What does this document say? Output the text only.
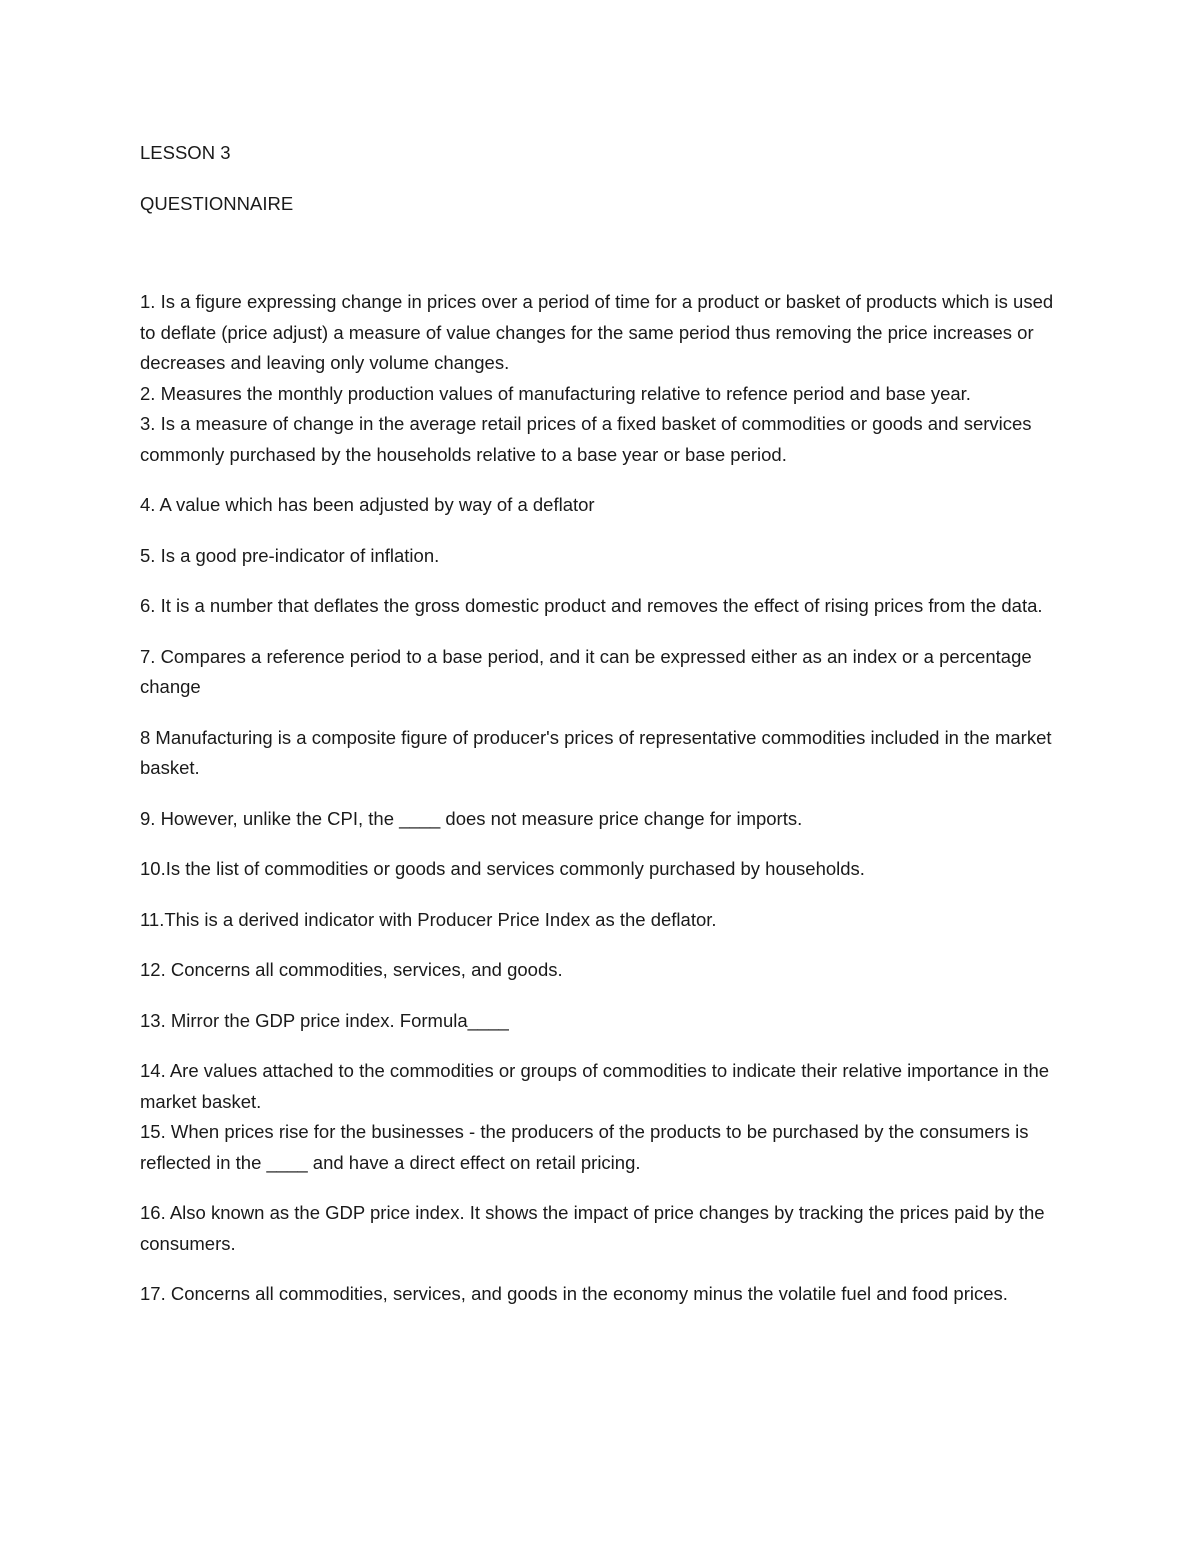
LESSON 3

QUESTIONNAIRE

1. Is a figure expressing change in prices over a period of time for a product or basket of products which is used to deflate (price adjust) a measure of value changes for the same period thus removing the price increases or decreases and leaving only volume changes.

2. Measures the monthly production values of manufacturing relative to refence period and base year.

3. Is a measure of change in the average retail prices of a fixed basket of commodities or goods and services commonly purchased by the households relative to a base year or base period.

4. A value which has been adjusted by way of a deflator

5. Is a good pre-indicator of inflation.

6. It is a number that deflates the gross domestic product and removes the effect of rising prices from the data.

7. Compares a reference period to a base period, and it can be expressed either as an index or a percentage change

8 Manufacturing is a composite figure of producer's prices of representative commodities included in the market basket.

9. However, unlike the CPI, the ____ does not measure price change for imports.

10.Is the list of commodities or goods and services commonly purchased by households.

11.This is a derived indicator with Producer Price Index as the deflator.

12. Concerns all commodities, services, and goods.

13. Mirror the GDP price index. Formula____

14. Are values attached to the commodities or groups of commodities to indicate their relative importance in the market basket.

15. When prices rise for the businesses - the producers of the products to be purchased by the consumers is reflected in the ____ and have a direct effect on retail pricing.

16. Also known as the GDP price index. It shows the impact of price changes by tracking the prices paid by the consumers.

17. Concerns all commodities, services, and goods in the economy minus the volatile fuel and food prices.
